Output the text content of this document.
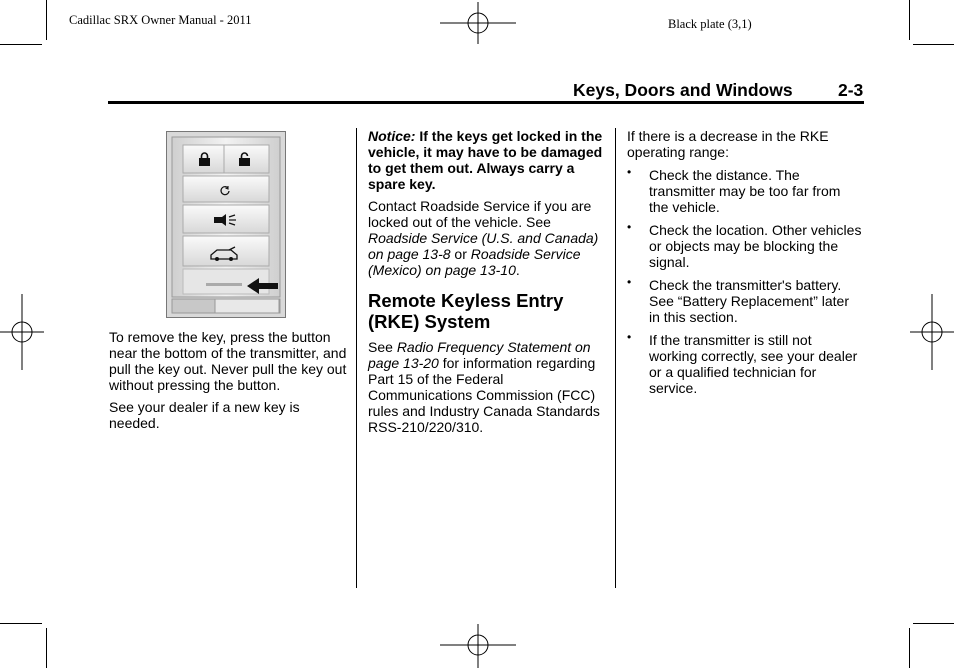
Cadillac SRX Owner Manual - 2011	Black plate (3,1)
Keys, Doors and Windows	2-3

To remove the key, press the button near the bottom of the transmitter, and pull the key out. Never pull the key out without pressing the button.

See your dealer if a new key is needed.

Notice: If the keys get locked in the vehicle, it may have to be damaged to get them out. Always carry a spare key.

Contact Roadside Service if you are locked out of the vehicle. See Roadside Service (U.S. and Canada) on page 13-8 or Roadside Service (Mexico) on page 13-10.

Remote Keyless Entry (RKE) System

See Radio Frequency Statement on page 13-20 for information regarding Part 15 of the Federal Communications Commission (FCC) rules and Industry Canada Standards RSS-210/220/310.

If there is a decrease in the RKE operating range:

• Check the distance. The transmitter may be too far from the vehicle.
• Check the location. Other vehicles or objects may be blocking the signal.
• Check the transmitter's battery. See “Battery Replacement” later in this section.
• If the transmitter is still not working correctly, see your dealer or a qualified technician for service.
